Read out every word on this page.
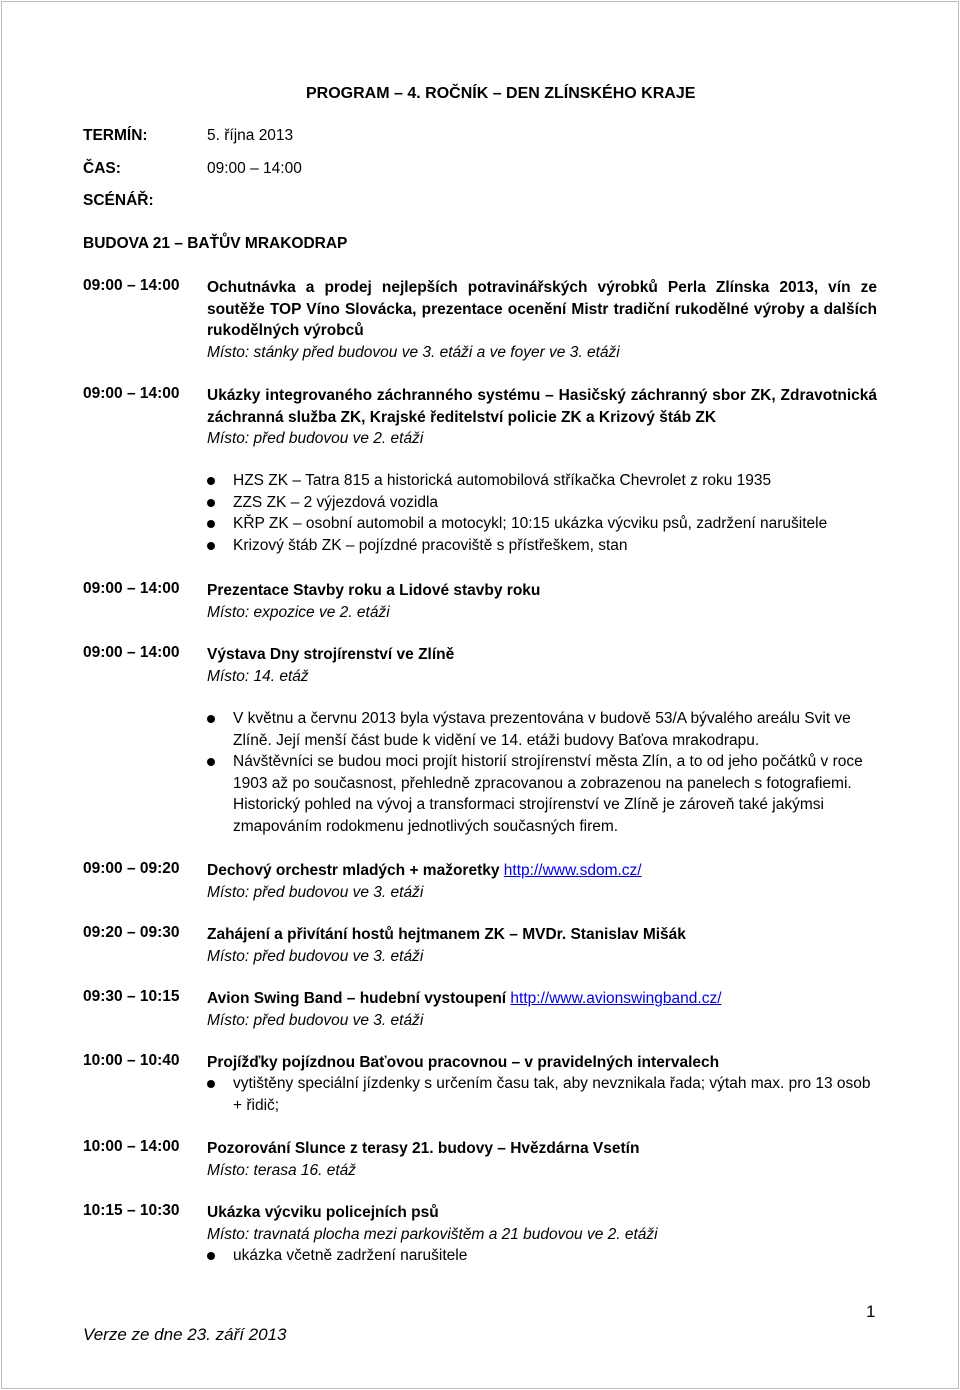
PROGRAM – 4. ROČNÍK – DEN ZLÍNSKÉHO KRAJE
TERMÍN:	5. října 2013
ČAS:	09:00 – 14:00
SCÉNÁŘ:
BUDOVA 21 – BAŤŮV MRAKODRAP
09:00 – 14:00 Ochutnávka a prodej nejlepších potravinářských výrobků Perla Zlínska 2013, vín ze soutěže TOP Víno Slovácka, prezentace ocenění Mistr tradiční rukodělné výroby a dalších rukodělných výrobců
Místo: stánky před budovou ve 3. etáži a ve foyer ve 3. etáži
09:00 – 14:00 Ukázky integrovaného záchranného systému – Hasičský záchranný sbor ZK, Zdravotnická záchranná služba ZK, Krajské ředitelství policie ZK a Krizový štáb ZK
Místo: před budovou ve 2. etáži
HZS ZK – Tatra 815 a historická automobilová stříkačka Chevrolet z roku 1935
ZZS ZK – 2 výjezdová vozidla
KŘP ZK – osobní automobil a motocykl; 10:15 ukázka výcviku psů, zadržení narušitele
Krizový štáb ZK – pojízdné pracoviště s přístřeškem, stan
09:00 – 14:00 Prezentace Stavby roku a Lidové stavby roku
Místo: expozice ve 2. etáži
09:00 – 14:00 Výstava Dny strojírenství ve Zlíně
Místo: 14. etáž
V květnu a červnu 2013 byla výstava prezentována v budově 53/A bývalého areálu Svit ve Zlíně. Její menší část bude k vidění ve 14. etáži budovy Baťova mrakodrapu.
Návštěvníci se budou moci projít historií strojírenství města Zlín, a to od jeho počátků v roce 1903 až po současnost, přehledně zpracovanou a zobrazenou na panelech s fotografiemi. Historický pohled na vývoj a transformaci strojírenství ve Zlíně je zároveň také jakýmsi zmapováním rodokmenu jednotlivých současných firem.
09:00 – 09:20 Dechový orchestr mladých + mažoretky http://www.sdom.cz/
Místo: před budovou ve 3. etáži
09:20 – 09:30 Zahájení a přivítání hostů hejtmanem ZK – MVDr. Stanislav Mišák
Místo: před budovou ve 3. etáži
09:30 – 10:15 Avion Swing Band – hudební vystoupení http://www.avionswingband.cz/
Místo: před budovou ve 3. etáži
10:00 – 10:40 Projížďky pojízdnou Baťovou pracovnou – v pravidelných intervalech
vytištěny speciální jízdenky s určením času tak, aby nevznikala řada; výtah max. pro 13 osob + řidič;
10:00 – 14:00 Pozorování Slunce z terasy 21. budovy – Hvězdárna Vsetín
Místo: terasa 16. etáž
10:15 – 10:30 Ukázka výcviku policejních psů
Místo: travnatá plocha mezi parkovištěm a 21 budovou ve 2. etáži
ukázka včetně zadržení narušitele
1
Verze ze dne 23. září 2013
